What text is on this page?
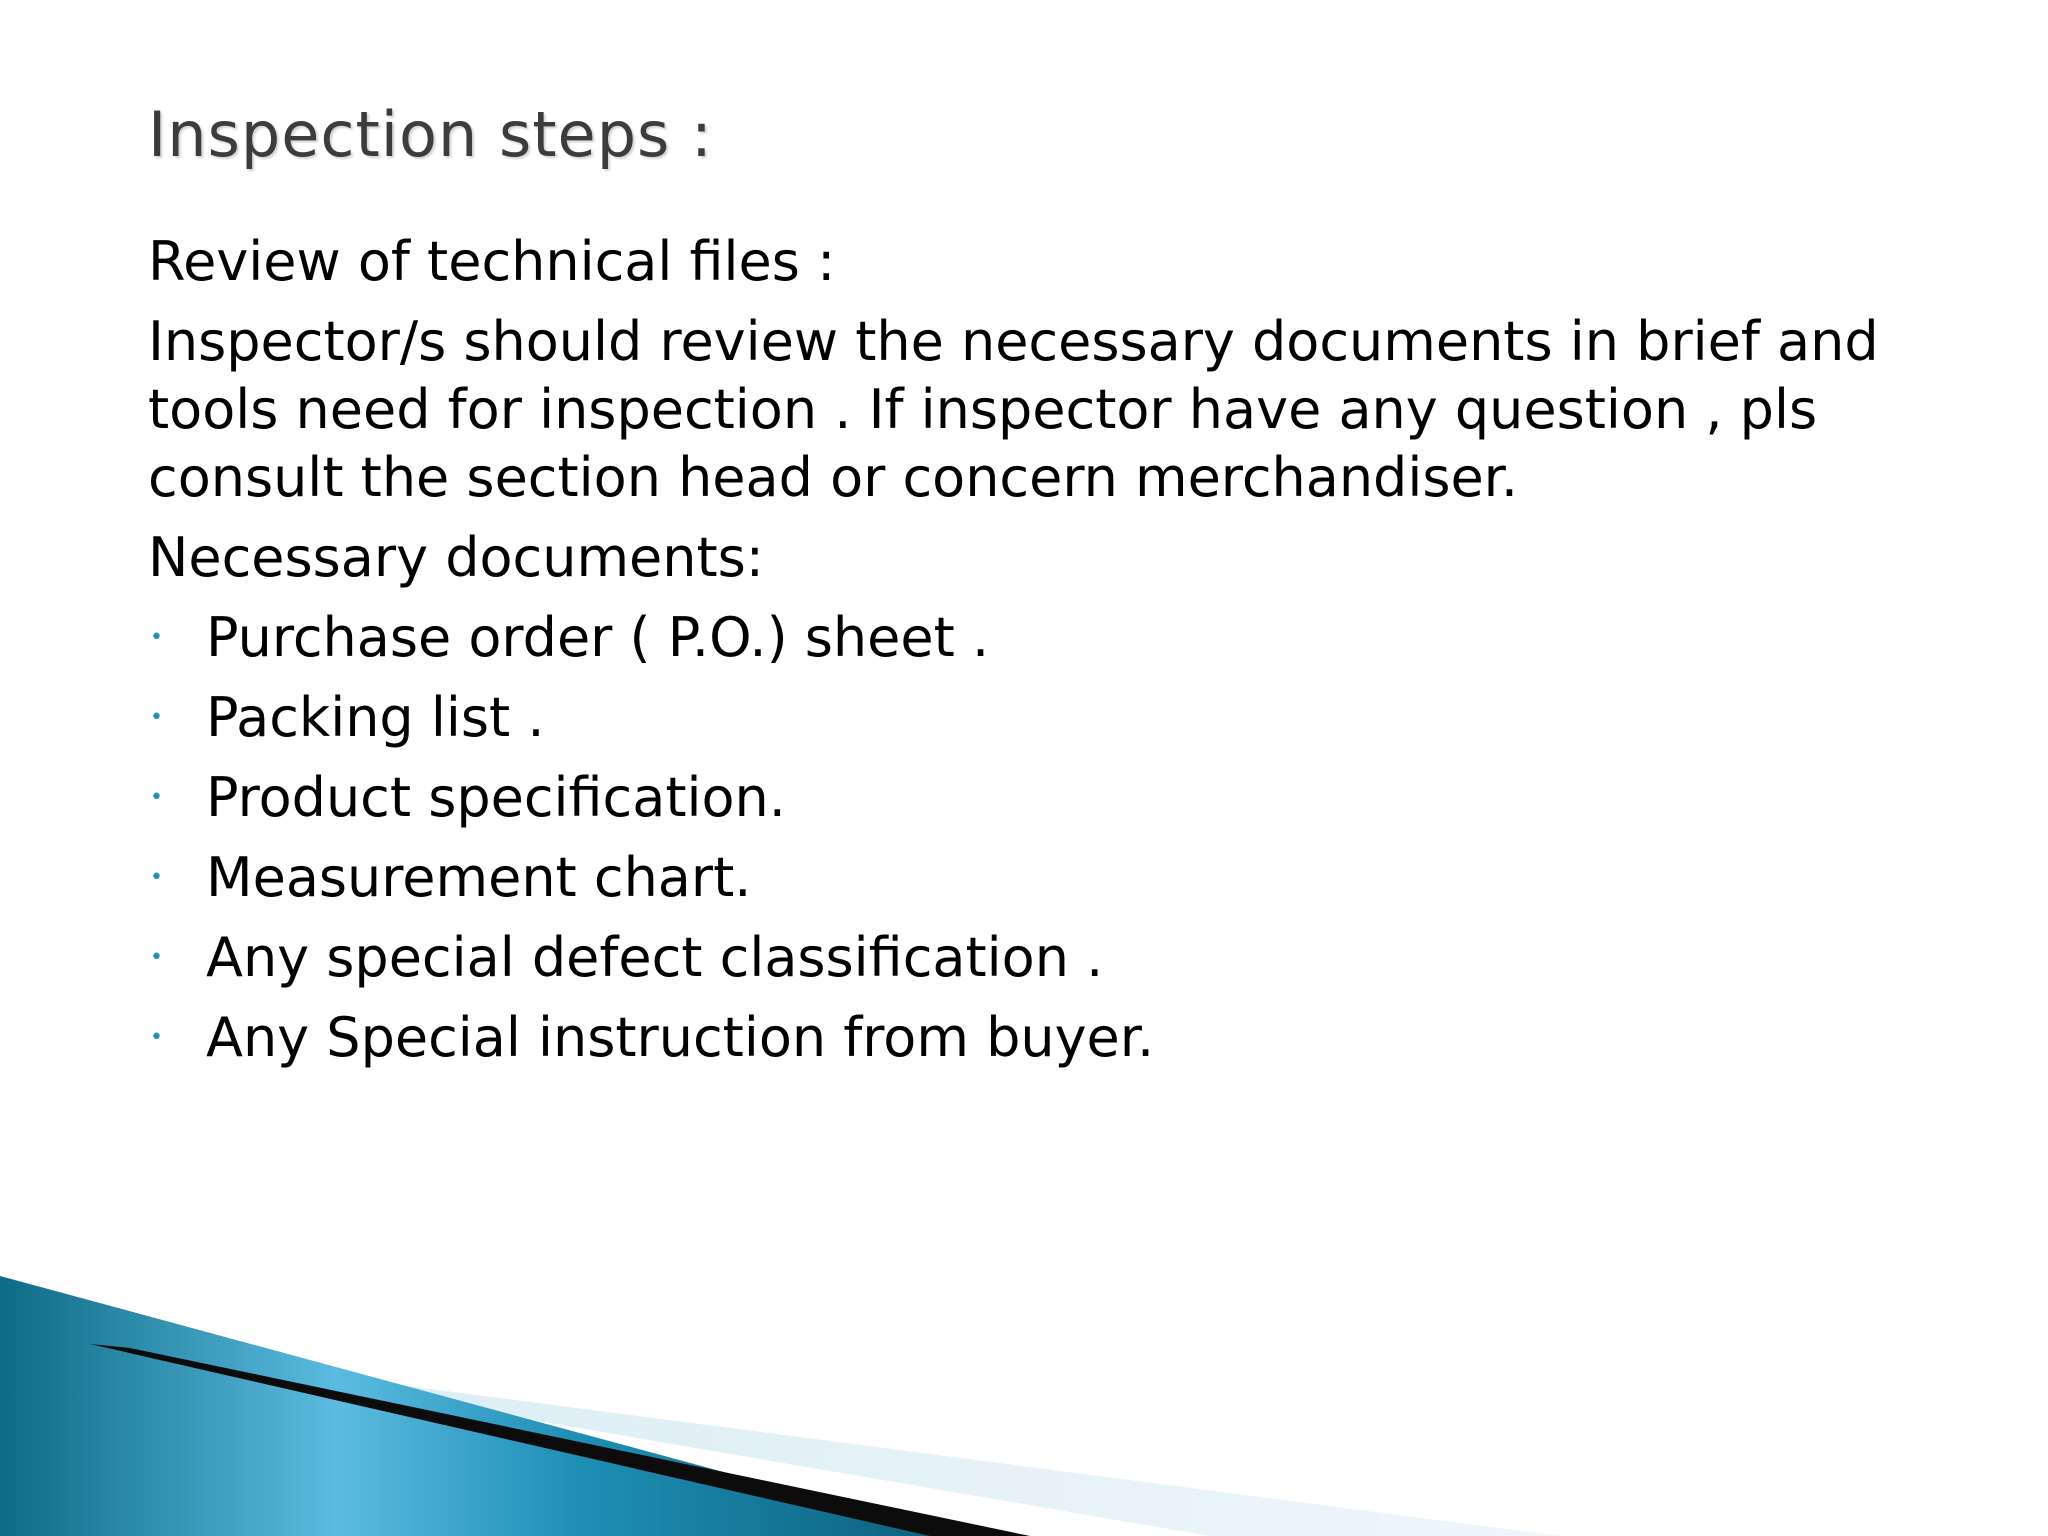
Inspection steps :

Review of technical files :

Inspector/s should review the necessary documents in brief and tools need for inspection . If inspector have any question , pls consult the section head or concern merchandiser.

Necessary documents:

• Purchase order ( P.O.) sheet .
• Packing list .
• Product specification.
• Measurement chart.
• Any special defect classification .
• Any Special instruction from buyer.
